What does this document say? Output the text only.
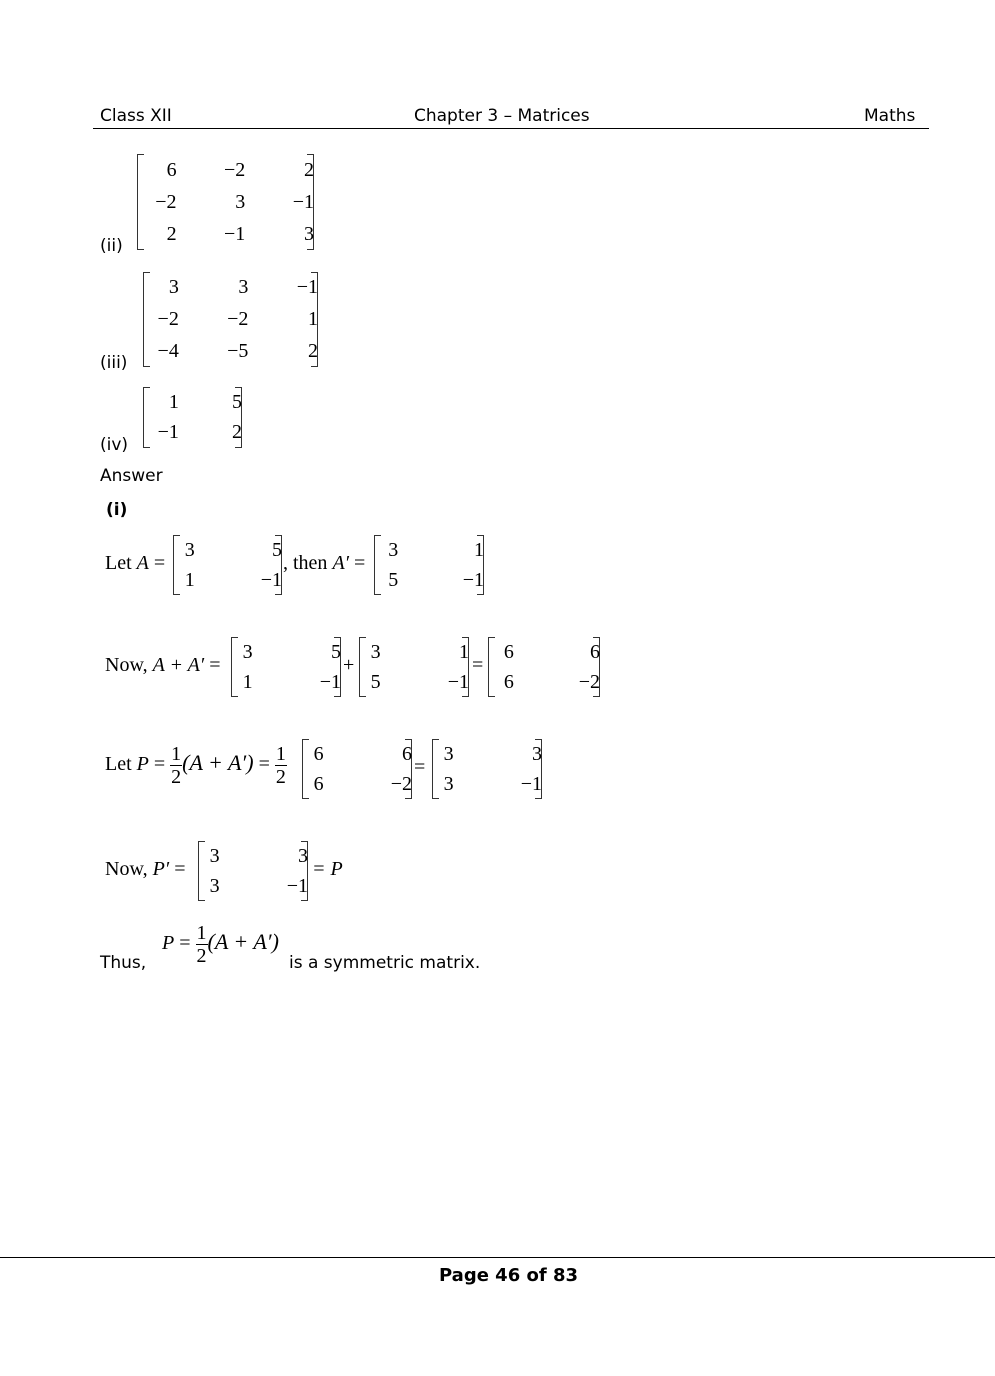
Class XII	Chapter 3 – Matrices	Maths
(ii)
6	−2	2
−2	3	−1
2	−1	3
(iii)
3	3	−1
−2	−2	1
−4	−5	2
(iv)
1	5
−1	2
Answer
(i)
Let A =
3	5
1	−1
, then A′ =
3	1
5	−1
Now, A + A′ =
3	5
1	−1
+
3	1
5	−1
=
6	6
6	−2
Let $P = \frac{1}{2} (A + A') = \frac{1}{2} 6$	6
6	−2
=
3	3
3	−1
Now, P′ =
3	3
3	−1
= P
Thus,
$P = \frac{1}{2} (A + A')$
is a symmetric matrix.
Page 46 of 83
